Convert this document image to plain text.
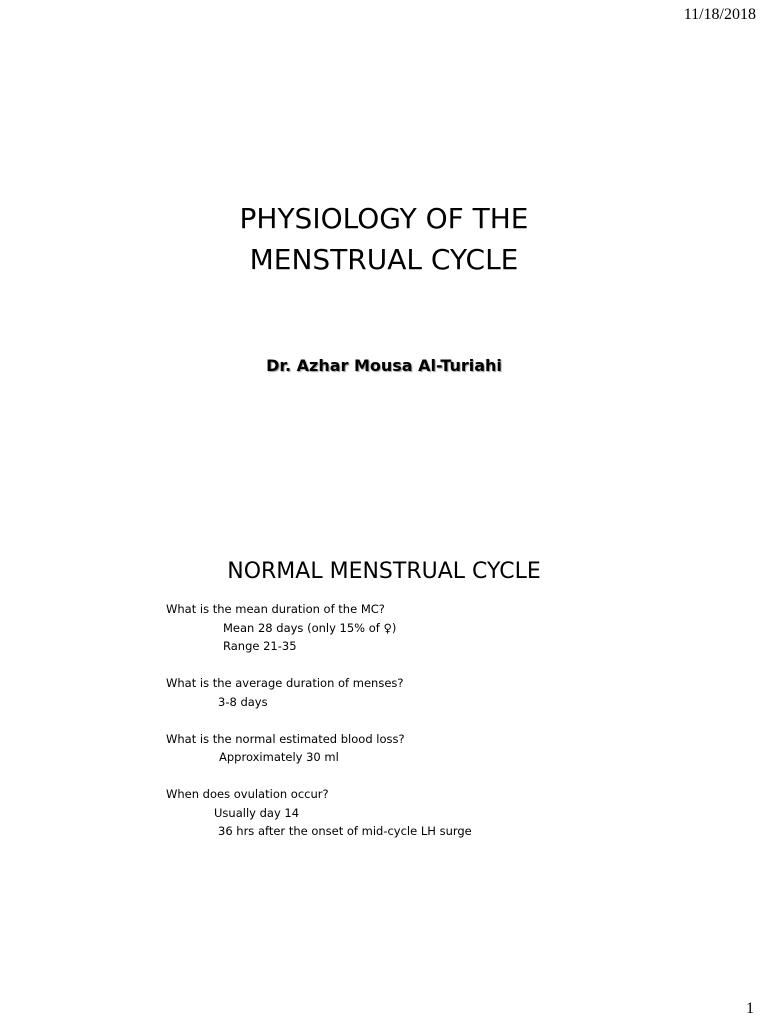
11/18/2018
PHYSIOLOGY OF THE
MENSTRUAL CYCLE
Dr. Azhar Mousa Al-Turiahi
NORMAL MENSTRUAL CYCLE
What is the mean duration of the MC?
Mean 28 days (only 15% of ♀)
Range 21-35
What is the average duration of menses?
3-8 days
What is the normal estimated blood loss?
Approximately 30 ml
When does ovulation occur?
Usually day 14
36 hrs after the onset of mid-cycle LH surge
1
